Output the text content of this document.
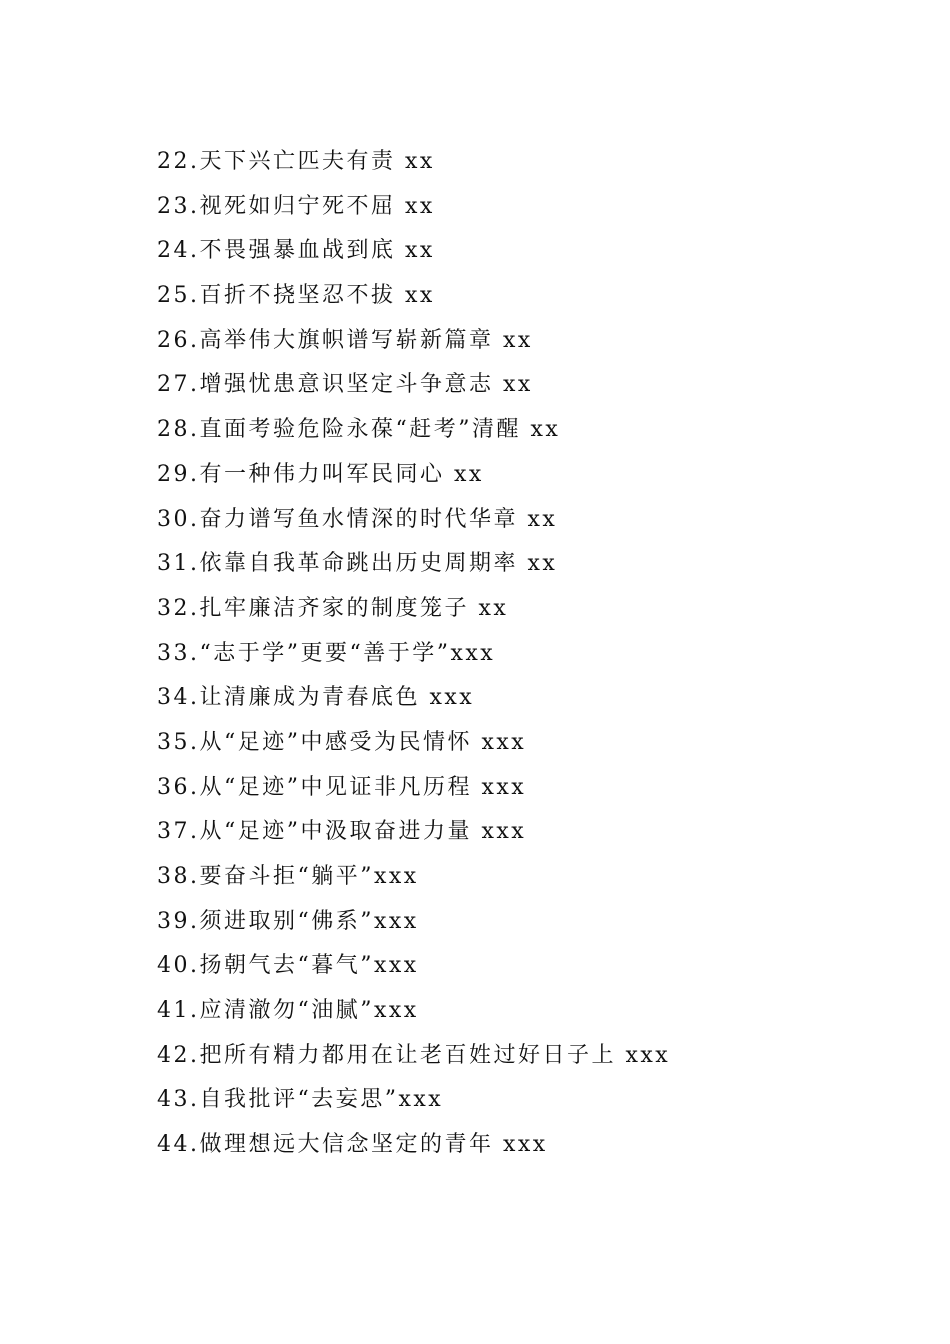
22.天下兴亡匹夫有责 xx
23.视死如归宁死不屈 xx
24.不畏强暴血战到底 xx
25.百折不挠坚忍不拔 xx
26.高举伟大旗帜谱写崭新篇章 xx
27.增强忧患意识坚定斗争意志 xx
28.直面考验危险永葆“赶考”清醒 xx
29.有一种伟力叫军民同心 xx
30.奋力谱写鱼水情深的时代华章 xx
31.依靠自我革命跳出历史周期率 xx
32.扎牢廉洁齐家的制度笼子 xx
33.“志于学”更要“善于学”xxx
34.让清廉成为青春底色 xxx
35.从“足迹”中感受为民情怀 xxx
36.从“足迹”中见证非凡历程 xxx
37.从“足迹”中汲取奋进力量 xxx
38.要奋斗拒“躺平”xxx
39.须进取别“佛系”xxx
40.扬朝气去“暮气”xxx
41.应清澈勿“油腻”xxx
42.把所有精力都用在让老百姓过好日子上 xxx
43.自我批评“去妄思”xxx
44.做理想远大信念坚定的青年 xxx
